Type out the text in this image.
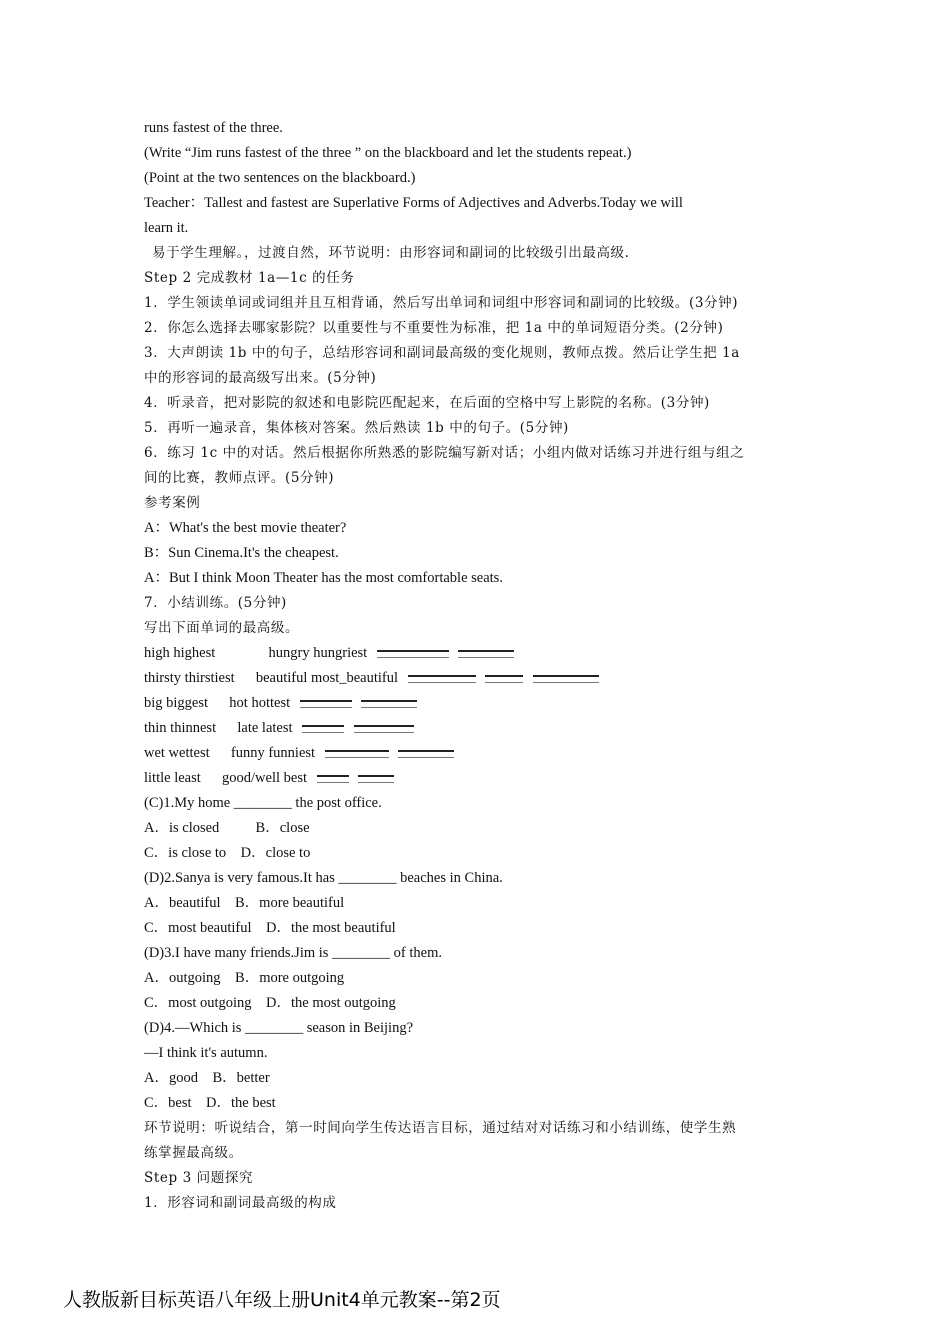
runs fastest of the three.
(Write “Jim runs fastest of the three ” on the blackboard and let the students repeat.)
(Point at the two sentences on the blackboard.)
Teacher：Tallest and fastest are Superlative Forms of Adjectives and Adverbs.Today we will
learn it.
易于学生理解。，过渡自然，环节说明：由形容词和副词的比较级引出最高级.
Step 2 完成教材 1a—1c 的任务
1．学生领读单词或词组并且互相背诵，然后写出单词和词组中形容词和副词的比较级。(3分钟)
2．你怎么选择去哪家影院？以重要性与不重要性为标准，把 1a 中的单词短语分类。(2分钟)
3．大声朗读 1b 中的句子，总结形容词和副词最高级的变化规则，教师点拨。然后让学生把 1a
中的形容词的最高级写出来。(5分钟)
4．听录音，把对影院的叙述和电影院匹配起来，在后面的空格中写上影院的名称。(3分钟)
5．再听一遍录音，集体核对答案。然后熟读 1b 中的句子。(5分钟)
6．练习 1c 中的对话。然后根据你所熟悉的影院编写新对话；小组内做对话练习并进行组与组之
间的比赛，教师点评。(5分钟)
参考案例
A：What's the best movie theater?
B：Sun Cinema.It's the cheapest.
A：But I think Moon Theater has the most comfortable seats.
7．小结训练。(5分钟)
写出下面单词的最高级。
high highest	hungry hungriest
thirsty thirstiest beautiful most_beautiful
big biggest hot hottest
thin thinnest late latest
wet wettest funny funniest
little least good/well best
(C)1.My home ________ the post office.
A．is closed          B．close
C．is close to    D．close to
(D)2.Sanya is very famous.It has ________ beaches in China.
A．beautiful    B．more beautiful
C．most beautiful    D．the most beautiful
(D)3.I have many friends.Jim is ________ of them.
A．outgoing    B．more outgoing
C．most outgoing    D．the most outgoing
(D)4.—Which is ________ season in Beijing?
—I think it's autumn.
A．good    B．better
C．best    D．the best
环节说明：听说结合，第一时间向学生传达语言目标，通过结对对话练习和小结训练，使学生熟
练掌握最高级。
Step 3 问题探究
1．形容词和副词最高级的构成
人教版新目标英语八年级上册Unit4单元教案--第2页
